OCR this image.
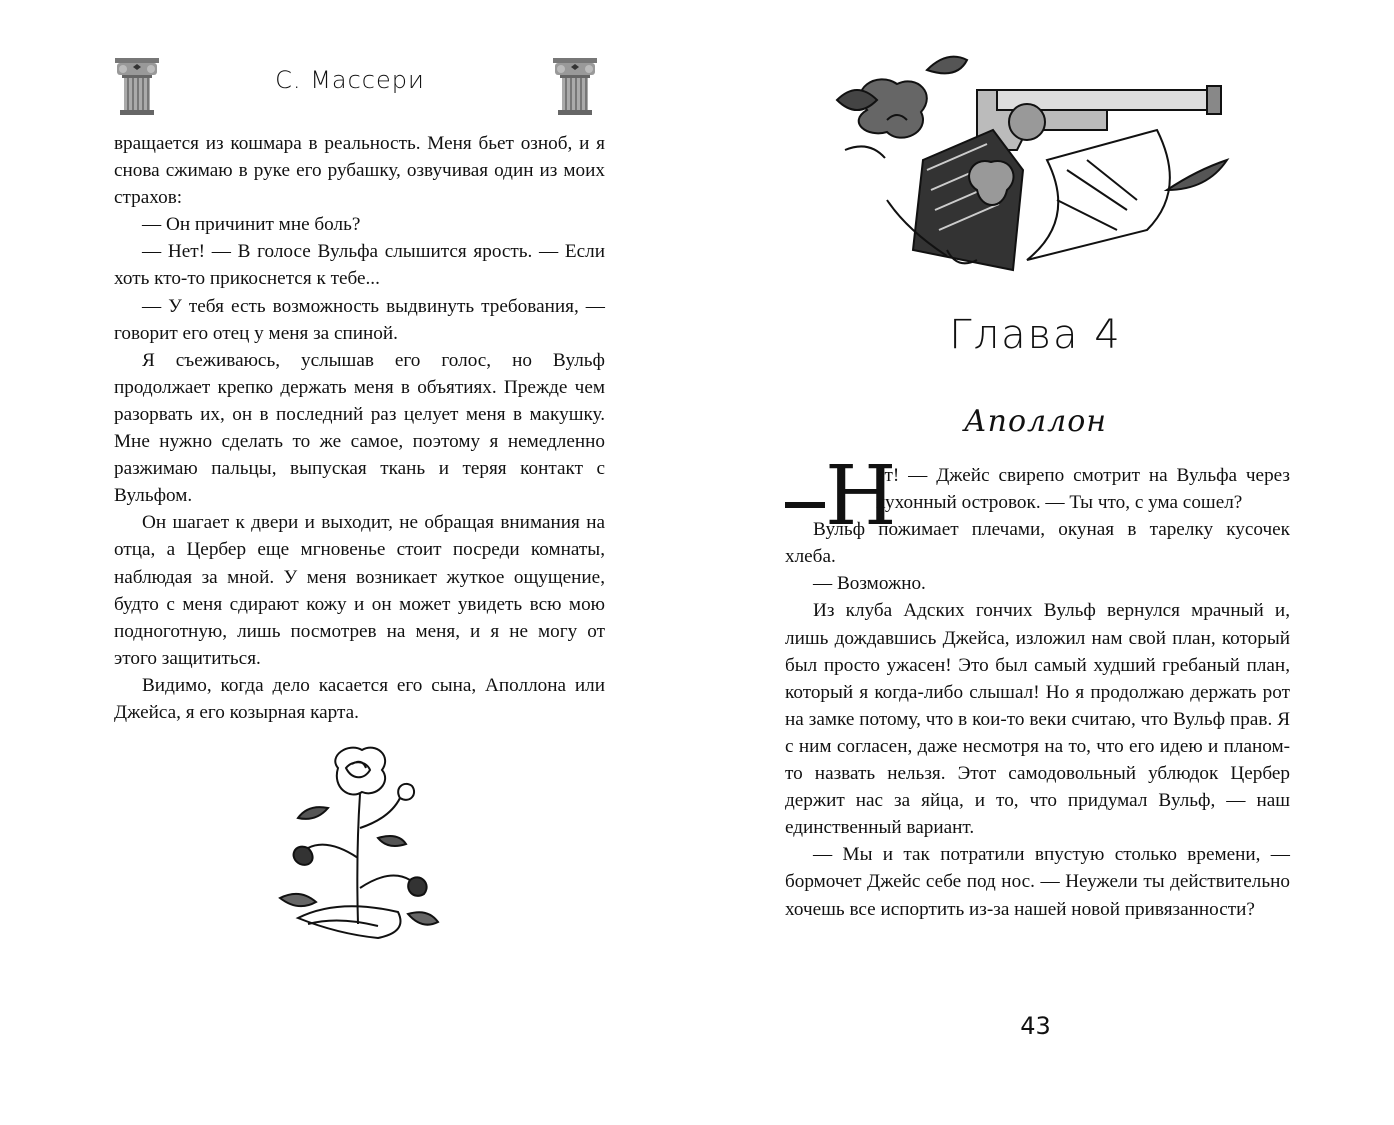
С. Массери

вращается из кошмара в реальность. Меня бьет озноб, и я снова сжимаю в руке его рубашку, озвучивая один из моих страхов:

— Он причинит мне боль?

— Нет! — В голосе Вульфа слышится ярость. — Если хоть кто-то прикоснется к тебе...

— У тебя есть возможность выдвинуть требования, — говорит его отец у меня за спиной.

Я съеживаюсь, услышав его голос, но Вульф продолжает крепко держать меня в объятиях. Прежде чем разорвать их, он в последний раз целует меня в макушку. Мне нужно сделать то же самое, поэтому я немедленно разжимаю пальцы, выпуская ткань и теряя контакт с Вульфом.

Он шагает к двери и выходит, не обращая внимания на отца, а Цербер еще мгновенье стоит посреди комнаты, наблюдая за мной. У меня возникает жуткое ощущение, будто с меня сдирают кожу и он может увидеть всю мою подноготную, лишь посмотрев на меня, и я не могу от этого защититься.

Видимо, когда дело касается его сына, Аполлона или Джейса, я его козырная карта.

Глава 4
Аполлон
Н

ет! — Джейс свирепо смотрит на Вульфа через кухонный островок. — Ты что, с ума сошел?

Вульф пожимает плечами, окуная в тарелку кусочек хлеба.

— Возможно.

Из клуба Адских гончих Вульф вернулся мрачный и, лишь дождавшись Джейса, изложил нам свой план, который был просто ужасен! Это был самый худший гребаный план, который я когда-либо слышал! Но я продолжаю держать рот на замке потому, что в кои-то веки считаю, что Вульф прав. Я с ним согласен, даже несмотря на то, что его идею и планом-то назвать нельзя. Этот самодовольный ублюдок Цербер держит нас за яйца, и то, что придумал Вульф, — наш единственный вариант.

— Мы и так потратили впустую столько времени, — бормочет Джейс себе под нос. — Неужели ты действительно хочешь все испортить из-за нашей новой привязанности?

43
